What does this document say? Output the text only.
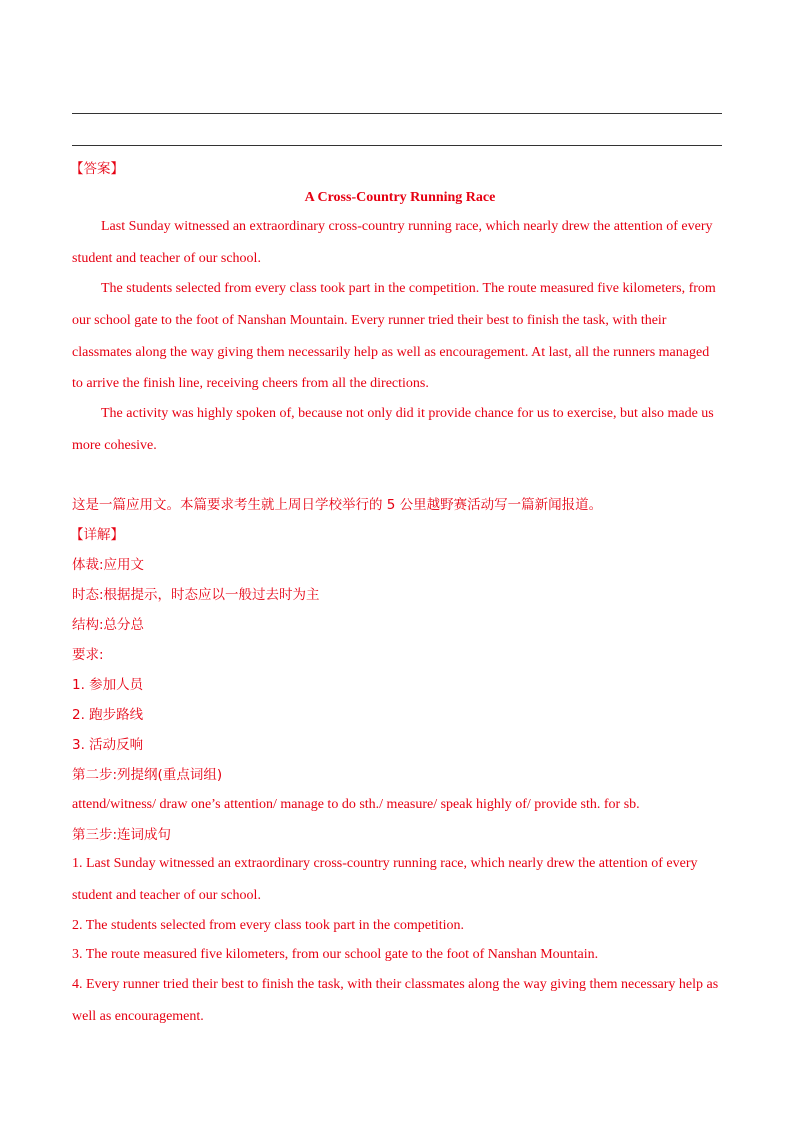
【答案】
A Cross-Country Running Race
Last Sunday witnessed an extraordinary cross-country running race, which nearly drew the attention of every
student and teacher of our school.
The students selected from every class took part in the competition. The route measured five kilometers, from
our school gate to the foot of Nanshan Mountain. Every runner tried their best to finish the task, with their
classmates along the way giving them necessarily help as well as encouragement. At last, all the runners managed
to arrive the finish line, receiving cheers from all the directions.
The activity was highly spoken of, because not only did it provide chance for us to exercise, but also made us
more cohesive.
这是一篇应用文。本篇要求考生就上周日学校举行的 5 公里越野赛活动写一篇新闻报道。
【详解】
体裁:应用文
时态:根据提示，时态应以一般过去时为主
结构:总分总
要求:
1. 参加人员
2. 跑步路线
3. 活动反响
第二步:列提纲(重点词组)
attend/witness/ draw one’s attention/ manage to do sth./ measure/ speak highly of/ provide sth. for sb.
第三步:连词成句
1. Last Sunday witnessed an extraordinary cross-country running race, which nearly drew the attention of every
student and teacher of our school.
2. The students selected from every class took part in the competition.
3. The route measured five kilometers, from our school gate to the foot of Nanshan Mountain.
4. Every runner tried their best to finish the task, with their classmates along the way giving them necessary help as
well as encouragement.
